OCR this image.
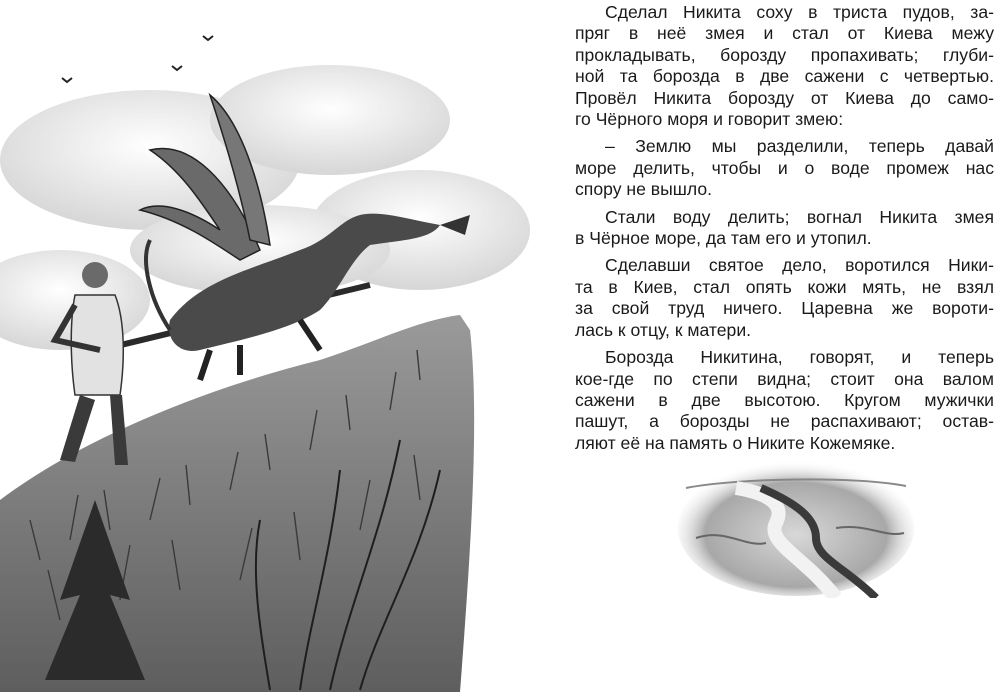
Сделал Никита соху в триста пудов, за-
пряг в неё змея и стал от Киева межу
прокладывать, борозду пропахивать; глуби-
ной та борозда в две сажени с четвертью.
Провёл Никита борозду от Киева до само-
го Чёрного моря и говорит змею:

– Землю мы разделили, теперь давай
море делить, чтобы и о воде промеж нас
спору не вышло.

Стали воду делить; вогнал Никита змея
в Чёрное море, да там его и утопил.

Сделавши святое дело, воротился Ники-
та в Киев, стал опять кожи мять, не взял
за свой труд ничего. Царевна же вороти-
лась к отцу, к матери.

Борозда Никитина, говорят, и теперь
кое-где по степи видна; стоит она валом
сажени в две высотою. Кругом мужички
пашут, а борозды не распахивают; остав-
ляют её на память о Никите Кожемяке.
